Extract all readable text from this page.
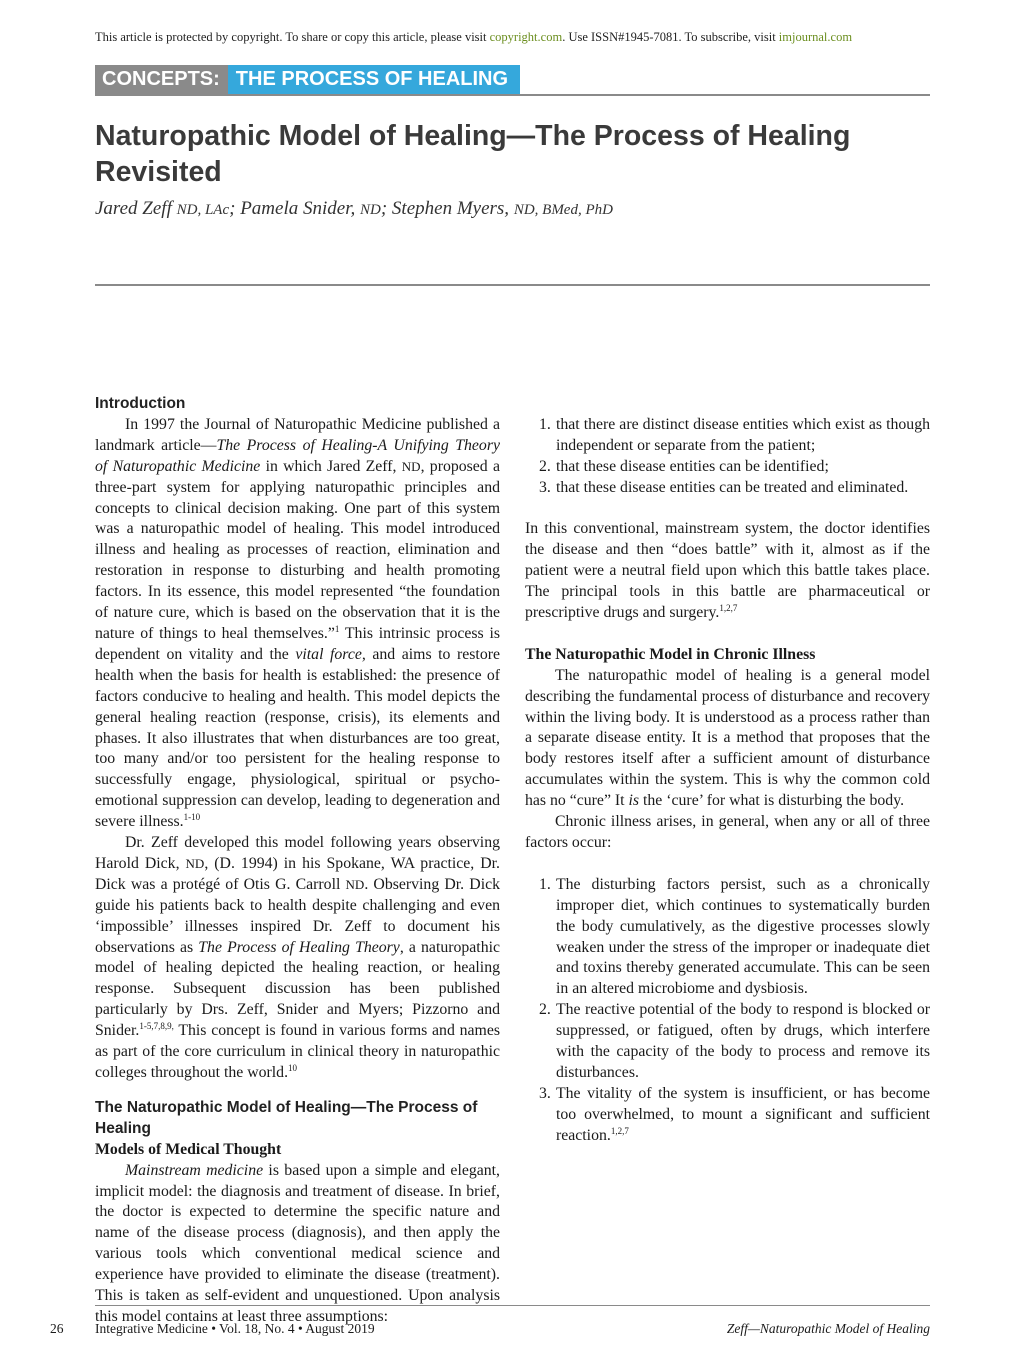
This article is protected by copyright. To share or copy this article, please visit copyright.com. Use ISSN#1945-7081. To subscribe, visit imjournal.com
CONCEPTS: THE PROCESS OF HEALING
Naturopathic Model of Healing—The Process of Healing Revisited
Jared Zeff ND, LAc; Pamela Snider, ND; Stephen Myers, ND, BMed, PhD
Introduction

In 1997 the Journal of Naturopathic Medicine published a landmark article—The Process of Healing-A Unifying Theory of Naturopathic Medicine in which Jared Zeff, ND, proposed a three-part system for applying naturopathic principles and concepts to clinical decision making. One part of this system was a naturopathic model of healing. This model introduced illness and healing as processes of reaction, elimination and restoration in response to disturbing and health promoting factors. In its essence, this model represented “the foundation of nature cure, which is based on the observation that it is the nature of things to heal themselves.”$^1$ This intrinsic process is dependent on vitality and the vital force, and aims to restore health when the basis for health is established: the presence of factors conducive to healing and health. This model depicts the general healing reaction (response, crisis), its elements and phases. It also illustrates that when disturbances are too great, too many and/or too persistent for the healing response to successfully engage, physiological, spiritual or psycho-emotional suppression can develop, leading to degeneration and severe illness.$^{1-10}$

Dr. Zeff developed this model following years observing Harold Dick, ND, (D. 1994) in his Spokane, WA practice, Dr. Dick was a protégé of Otis G. Carroll ND. Observing Dr. Dick guide his patients back to health despite challenging and even ‘impossible’ illnesses inspired Dr. Zeff to document his observations as The Process of Healing Theory, a naturopathic model of healing depicted the healing reaction, or healing response. Subsequent discussion has been published particularly by Drs. Zeff, Snider and Myers; Pizzorno and Snider.$^{1-5,7,8,9,}$ This concept is found in various forms and names as part of the core curriculum in clinical theory in naturopathic colleges throughout the world.$^{10}$

The Naturopathic Model of Healing—The Process of Healing
Models of Medical Thought

Mainstream medicine is based upon a simple and elegant, implicit model: the diagnosis and treatment of disease. In brief, the doctor is expected to determine the specific nature and name of the disease process (diagnosis), and then apply the various tools which conventional medical science and experience have provided to eliminate the disease (treatment). This is taken as self-evident and unquestioned. Upon analysis this model contains at least three assumptions:

1. that there are distinct disease entities which exist as though independent or separate from the patient;
2. that these disease entities can be identified;
3. that these disease entities can be treated and eliminated.

In this conventional, mainstream system, the doctor identifies the disease and then “does battle” with it, almost as if the patient were a neutral field upon which this battle takes place. The principal tools in this battle are pharmaceutical or prescriptive drugs and surgery.$^{1,2,7}$

The Naturopathic Model in Chronic Illness

The naturopathic model of healing is a general model describing the fundamental process of disturbance and recovery within the living body. It is understood as a process rather than a separate disease entity. It is a method that proposes that the body restores itself after a sufficient amount of disturbance accumulates within the system. This is why the common cold has no “cure” It is the ‘cure’ for what is disturbing the body.

Chronic illness arises, in general, when any or all of three factors occur:

1. The disturbing factors persist, such as a chronically improper diet, which continues to systematically burden the body cumulatively, as the digestive processes slowly weaken under the stress of the improper or inadequate diet and toxins thereby generated accumulate. This can be seen in an altered microbiome and dysbiosis.
2. The reactive potential of the body to respond is blocked or suppressed, or fatigued, often by drugs, which interfere with the capacity of the body to process and remove its disturbances.
3. The vitality of the system is insufficient, or has become too overwhelmed, to mount a significant and sufficient reaction.$^{1,2,7}$
26 Integrative Medicine • Vol. 18, No. 4 • August 2019	Zeff—Naturopathic Model of Healing
